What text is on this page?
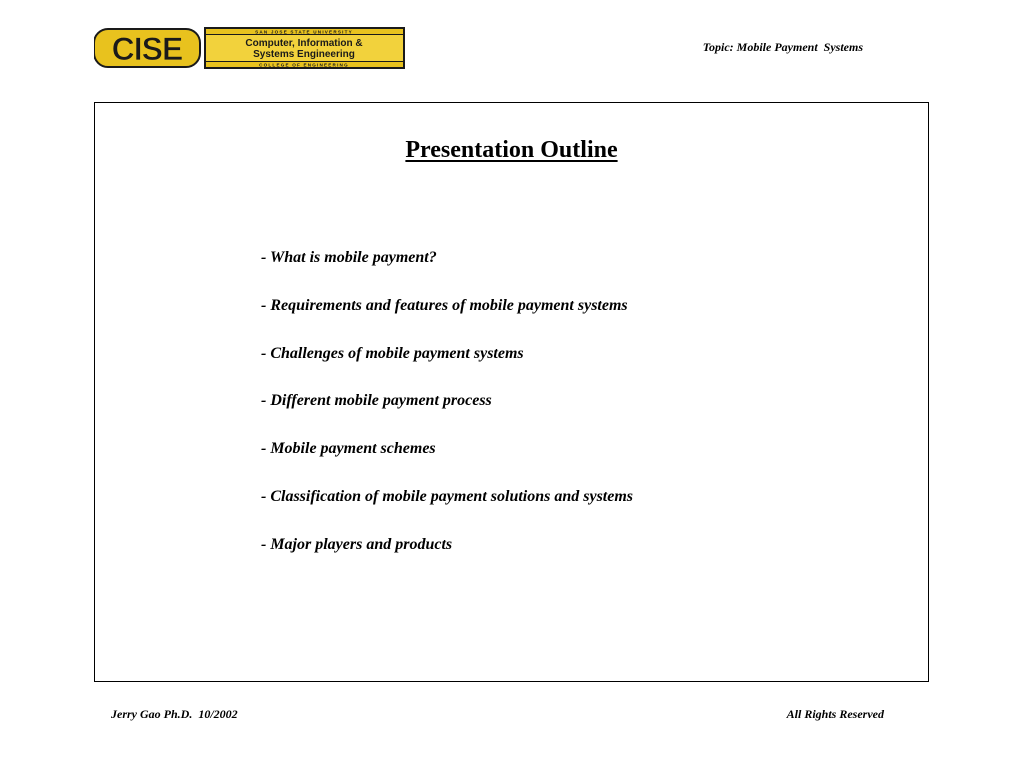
CISE	SAN JOSE STATE UNIVERSITY
Computer, Information &
Systems Engineering
COLLEGE OF ENGINEERING
Topic: Mobile Payment  Systems
Presentation Outline
- What is mobile payment?
- Requirements and features of mobile payment systems
- Challenges of mobile payment systems
- Different mobile payment process
- Mobile payment schemes
- Classification of mobile payment solutions and systems
- Major players and products
Jerry Gao Ph.D.  10/2002	All Rights Reserved
